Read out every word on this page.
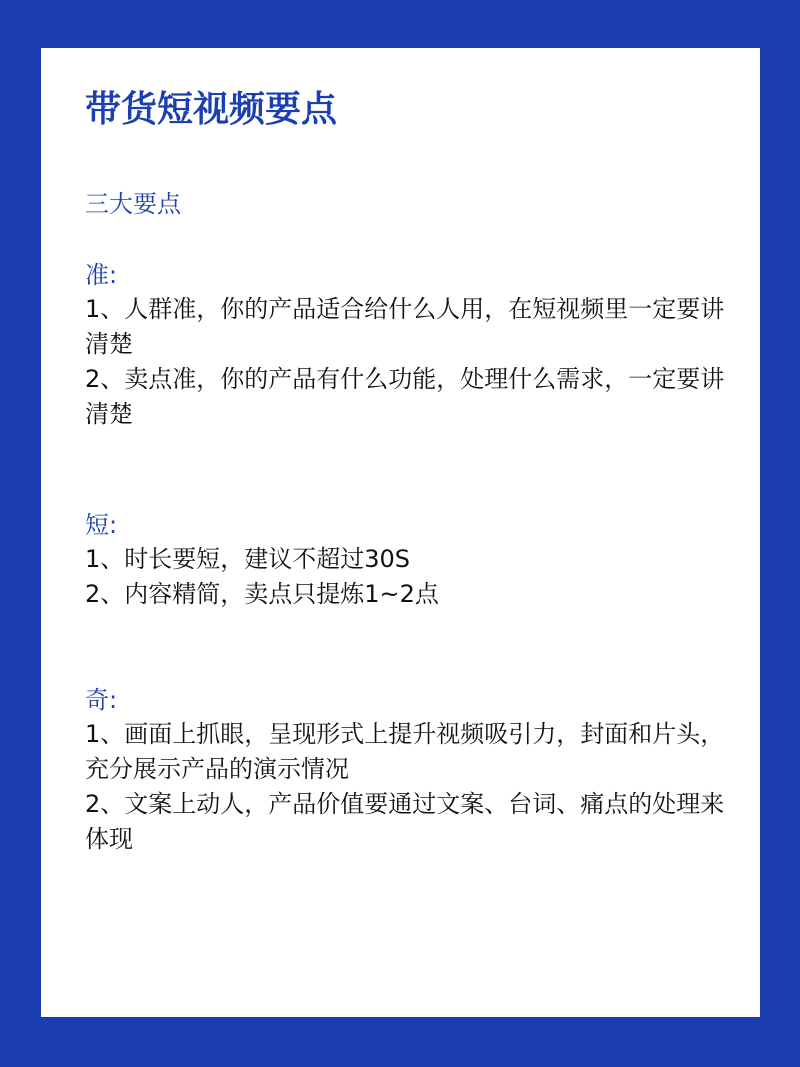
带货短视频要点
三大要点
准:

1、人群准，你的产品适合给什么人用，在短视频里一定要讲清楚

2、卖点准，你的产品有什么功能，处理什么需求，一定要讲清楚

短:

1、时长要短，建议不超过30S

2、内容精简，卖点只提炼1~2点

奇:

1、画面上抓眼，呈现形式上提升视频吸引力，封面和片头，充分展示产品的演示情况

2、文案上动人，产品价值要通过文案、台词、痛点的处理来体现
